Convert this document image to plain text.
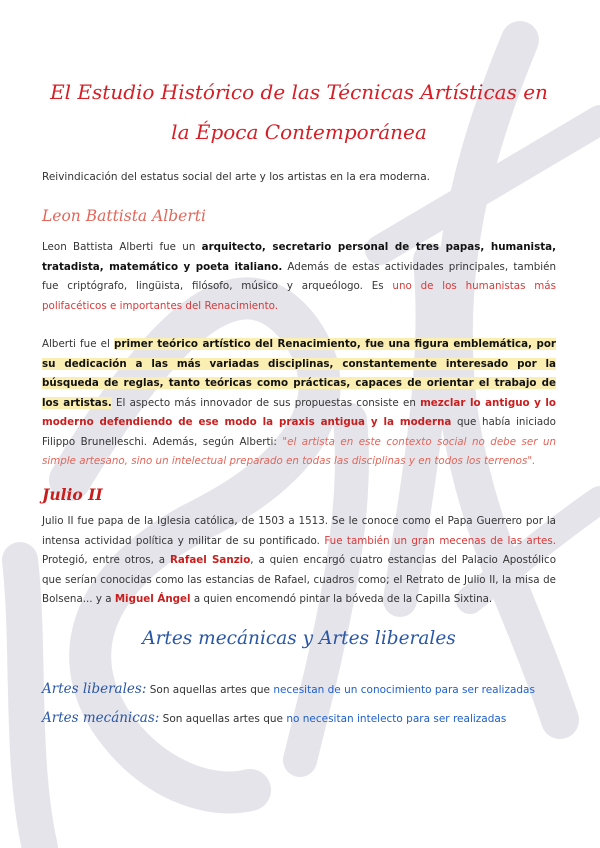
El Estudio Histórico de las Técnicas Artísticas en la Época Contemporánea

Reivindicación del estatus social del arte y los artistas en la era moderna.

Leon Battista Alberti

Leon Battista Alberti fue un arquitecto, secretario personal de tres papas, humanista, tratadista, matemático y poeta italiano. Además de estas actividades principales, también fue criptógrafo, lingüista, filósofo, músico y arqueólogo. Es uno de los humanistas más polifacéticos e importantes del Renacimiento.

Alberti fue el primer teórico artístico del Renacimiento, fue una figura emblemática, por su dedicación a las más variadas disciplinas, constantemente interesado por la búsqueda de reglas, tanto teóricas como prácticas, capaces de orientar el trabajo de los artistas. El aspecto más innovador de sus propuestas consiste en mezclar lo antiguo y lo moderno defendiendo de ese modo la praxis antigua y la moderna que había iniciado Filippo Brunelleschi. Además, según Alberti: "el artista en este contexto social no debe ser un simple artesano, sino un intelectual preparado en todas las disciplinas y en todos los terrenos".

Julio II

Julio II fue papa de la Iglesia católica, de 1503 a 1513. Se le conoce como el Papa Guerrero por la intensa actividad política y militar de su pontificado. Fue también un gran mecenas de las artes. Protegió, entre otros, a Rafael Sanzio, a quien encargó cuatro estancias del Palacio Apostólico que serían conocidas como las estancias de Rafael, cuadros como; el Retrato de Julio II, la misa de Bolsena... y a Miguel Ángel a quien encomendó pintar la bóveda de la Capilla Sixtina.

Artes mecánicas y Artes liberales

Artes liberales: Son aquellas artes que necesitan de un conocimiento para ser realizadas

Artes mecánicas: Son aquellas artes que no necesitan intelecto para ser realizadas
